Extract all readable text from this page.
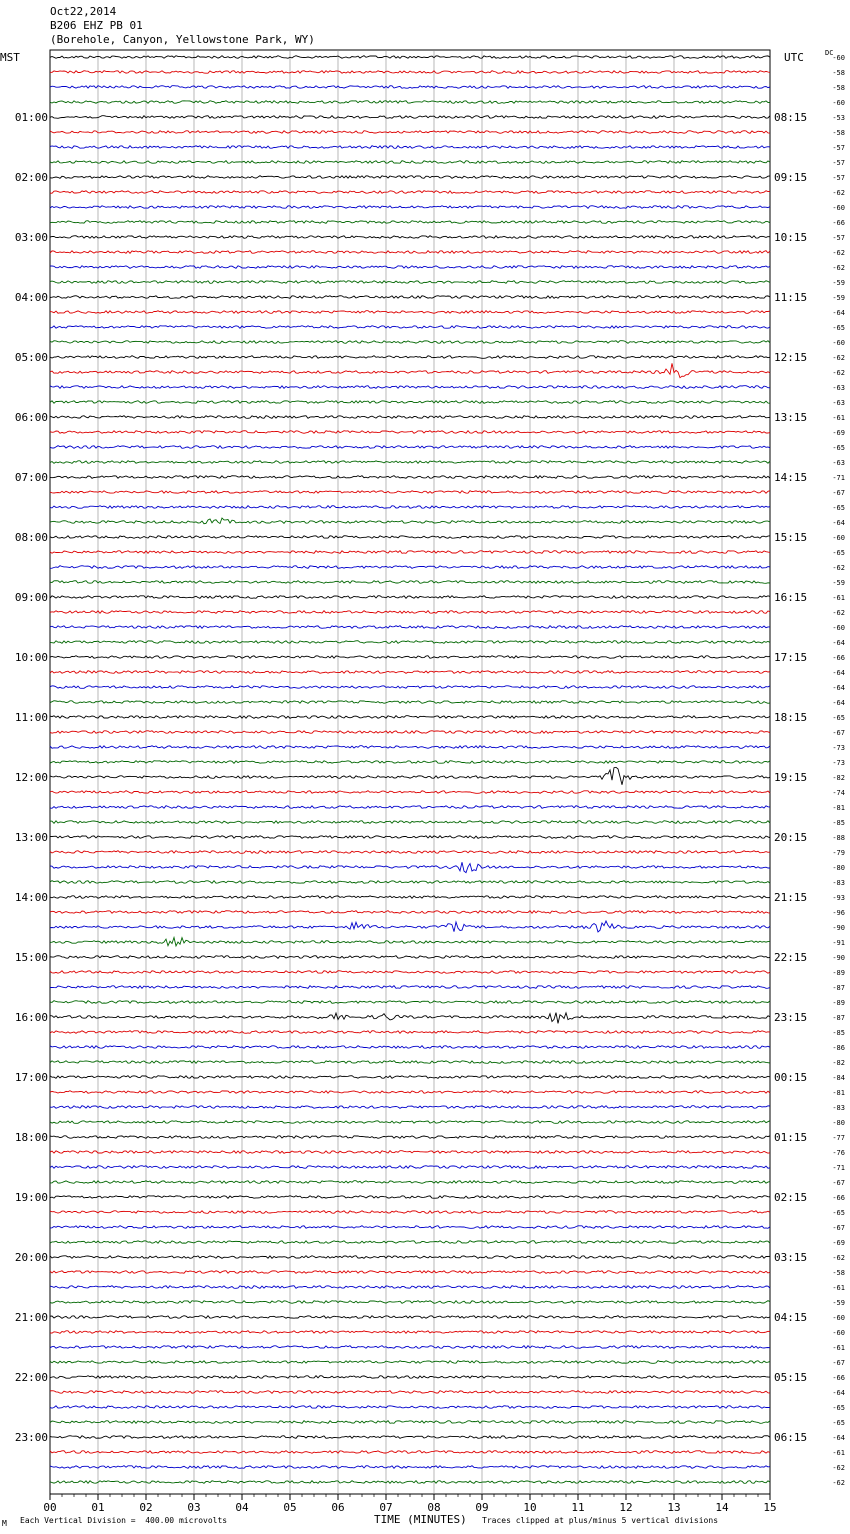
Oct22,2014
B206 EHZ PB 01
(Borehole, Canyon, Yellowstone Park, WY)
MST	UTC	DC
00	01	02	03	04	05	06	07	08	09	10	11	12	13	14	15
-60
-58
-58
-60
-53
-58
-57
-57
-57
-62
-60
-66
-57
-62
-62
-59
-59
-64
-65
-60
-62
-62
-63
-63
-61
-69
-65
-63
-71
-67
-65
-64
-60
-65
-62
-59
-61
-62
-60
-64
-66
-64
-64
-64
-65
-67
-73
-73
-82
-74
-81
-85
-88
-79
-80
-83
-93
-96
-90
-91
-90
-89
-87
-89
-87
-85
-86
-82
-84
-81
-83
-80
-77
-76
-71
-67
-66
-65
-67
-69
-62
-58
-61
-59
-60
-60
-61
-67
-66
-64
-65
-65
-64
-61
-62
-62
01:00	08:15
02:00	09:15
03:00	10:15
04:00	11:15
05:00	12:15
06:00	13:15
07:00	14:15
08:00	15:15
09:00	16:15
10:00	17:15
11:00	18:15
12:00	19:15
13:00	20:15
14:00	21:15
15:00	22:15
16:00	23:15
17:00	00:15
18:00	01:15
19:00	02:15
20:00	03:15
21:00	04:15
22:00	05:15
23:00	06:15
M Each Vertical Division =  400.00 microvolts	TIME (MINUTES) Traces clipped at plus/minus 5 vertical divisions
